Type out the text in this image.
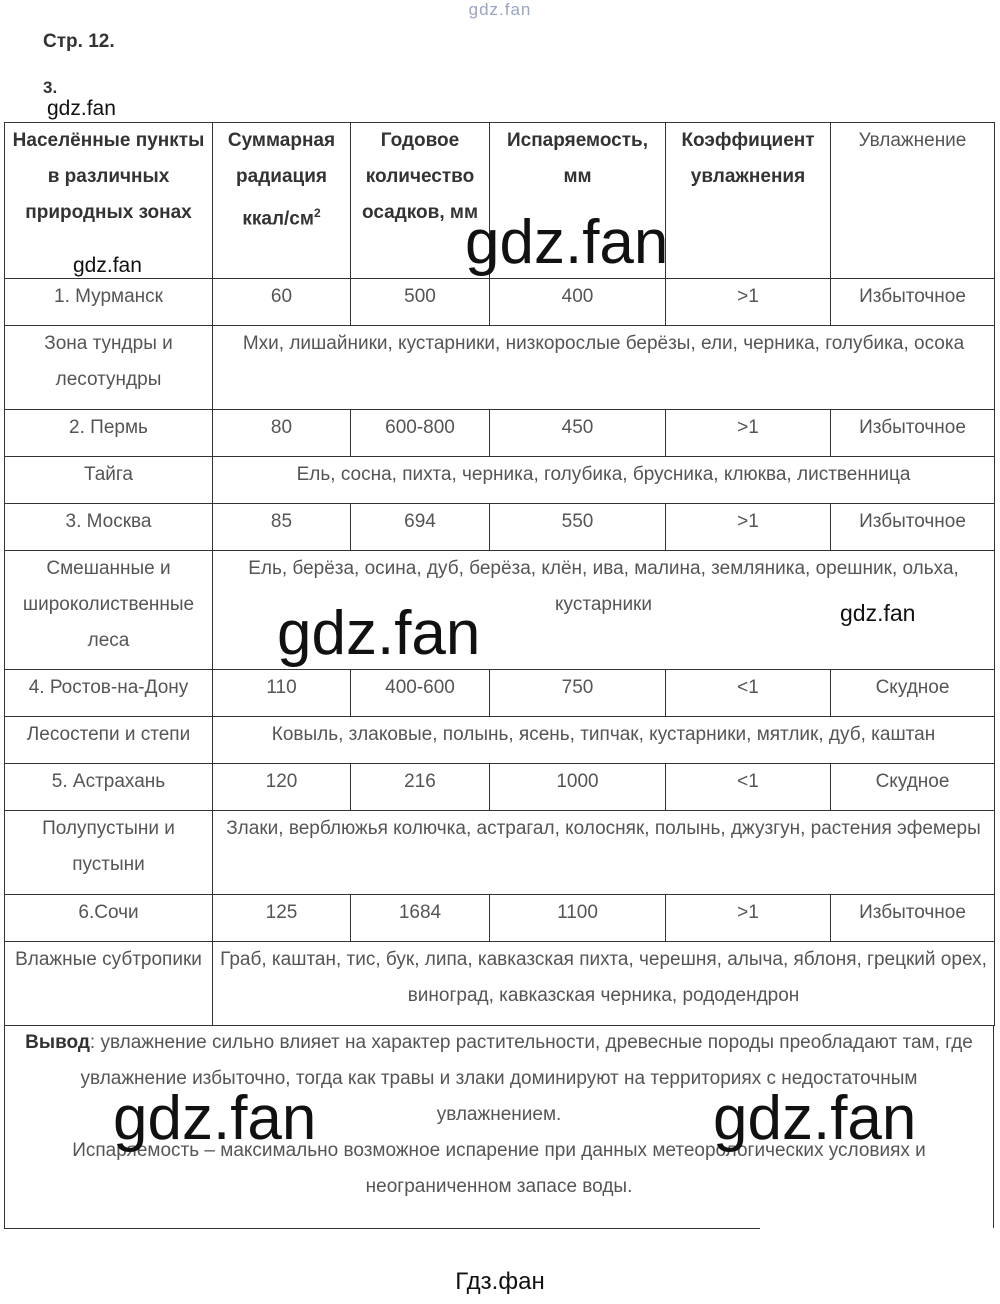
gdz.fan
Стр. 12.
3.
gdz.fan
Населённые пункты в различных природных зонах	Суммарная радиация ккал/$см^2$	Годовое количество осадков, мм	Испаряемость, мм	Коэффициент увлажнения	Увлажнение
1. Мурманск	60	500	400	>1	Избыточное
Зона тундры и лесотундры	Мхи, лишайники, кустарники, низкорослые берёзы, ели, черника, голубика, осока				
2. Пермь	80	600-800	450	>1	Избыточное
Тайга	Ель, сосна, пихта, черника, голубика, брусника, клюква, лиственница				
3. Москва	85	694	550	>1	Избыточное
Смешанные и широколиственные леса	Ель, берёза, осина, дуб, берёза, клён, ива, малина, земляника, орешник, ольха, кустарники				
4. Ростов-на-Дону	110	400-600	750	<1	Скудное
Лесостепи и степи	Ковыль, злаковые, полынь, ясень, типчак, кустарники, мятлик, дуб, каштан				
5. Астрахань	120	216	1000	<1	Скудное
Полупустыни и пустыни	Злаки, верблюжья колючка, астрагал, колосняк, полынь, джузгун, растения эфемеры				
6.Сочи	125	1684	1100	>1	Избыточное
Влажные субтропики	Граб, каштан, тис, бук, липа, кавказская пихта, черешня, алыча, яблоня, грецкий орех, виноград, кавказская черника, рододендрон				
Вывод: увлажнение сильно влияет на характер растительности, древесные породы преобладают там, где увлажнение избыточно, тогда как травы и злаки доминируют на территориях с недостаточным увлажнением.
Испаряемость – максимально возможное испарение при данных метеорологических условиях и неограниченном запасе воды.
gdz.fan	gdz.fan
gdz.fan
gdz.fan
gdz.fan	gdz.fan
Гдз.фан
